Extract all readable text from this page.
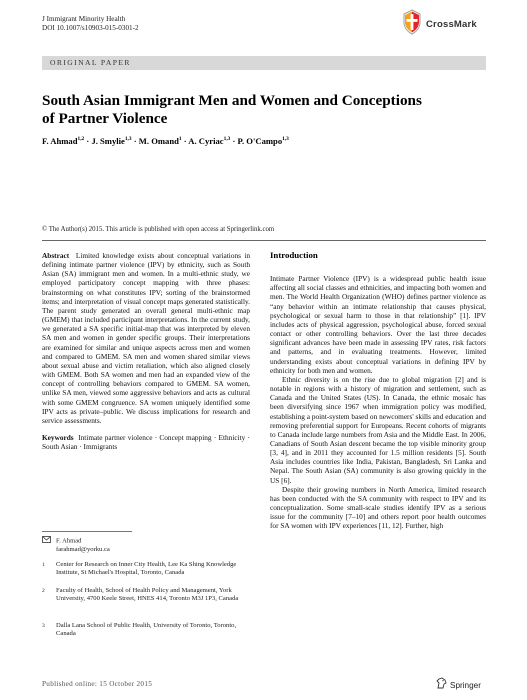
J Immigrant Minority Health
DOI 10.1007/s10903-015-0301-2	CrossMark
ORIGINAL PAPER
South Asian Immigrant Men and Women and Conceptions
of Partner Violence
F. Ahmad$^{1,2}$ · J. Smylie$^{1,3}$ · M. Omand$^1$ · A. Cyriac$^{1,3}$ · P. O'Campo$^{1,3}$
© The Author(s) 2015. This article is published with open access at Springerlink.com

Abstract Limited knowledge exists about conceptual variations in defining intimate partner violence (IPV) by ethnicity, such as South Asian (SA) immigrant men and women. In a multi-ethnic study, we employed participatory concept mapping with three phases: brainstorming on what constitutes IPV; sorting of the brainstormed items; and interpretation of visual concept maps generated statistically. The parent study generated an overall general multi-ethnic map (GMEM) that included participant interpretations. In the current study, we generated a SA specific initial-map that was interpreted by eleven SA men and women in gender specific groups. Their interpretations are examined for similar and unique aspects across men and women and compared to GMEM. SA men and women shared similar views about sexual abuse and victim retaliation, which also aligned closely with GMEM. Both SA women and men had an expanded view of the concept of controlling behaviors compared to GMEM. SA women, unlike SA men, viewed some aggressive behaviors and acts as cultural with some GMEM congruence. SA women uniquely identified some IPV acts as private–public. We discuss implications for research and service assessments.

Keywords Intimate partner violence · Concept mapping · Ethnicity · South Asian · Immigrants

F. Ahmad
farahmad@yorku.ca
1	Center for Research on Inner City Health, Lee Ka Shing Knowledge Institute, St Michael's Hospital, Toronto, Canada
2	Faculty of Health, School of Health Policy and Management, York University, 4700 Keele Street, HNES 414, Toronto M3J 1P3, Canada
3	Dalla Lana School of Public Health, University of Toronto, Toronto, Canada

Introduction

Intimate Partner Violence (IPV) is a widespread public health issue affecting all social classes and ethnicities, and impacting both women and men. The World Health Organization (WHO) defines partner violence as “any behavior within an intimate relationship that causes physical, psychological or sexual harm to those in that relationship” [1]. IPV includes acts of physical aggression, psychological abuse, forced sexual contact or other controlling behaviors. Over the last three decades significant advances have been made in assessing IPV rates, risk factors and patterns, and in evaluating treatments. However, limited understanding exists about conceptual variations in defining IPV by ethnicity for both men and women.

Ethnic diversity is on the rise due to global migration [2] and is notable in regions with a history of migration and settlement, such as Canada and the United States (US). In Canada, the ethnic mosaic has been diversifying since 1967 when immigration policy was modified, establishing a point-system based on newcomers' skills and education and removing preferential support for Europeans. Recent cohorts of migrants to Canada include large numbers from Asia and the Middle East. In 2006, Canadians of South Asian descent became the top visible minority group [3, 4], and in 2011 they accounted for 1.5 million residents [5]. South Asia includes countries like India, Pakistan, Bangladesh, Sri Lanka and Nepal. The South Asian (SA) community is also growing quickly in the US [6].

Despite their growing numbers in North America, limited research has been conducted with the SA community with respect to IPV and its conceptualization. Some small-scale studies identify IPV as a serious issue for the community [7–10] and others report poor health outcomes for SA women with IPV experiences [11, 12]. Further, high

Published online: 15 October 2015	Springer
